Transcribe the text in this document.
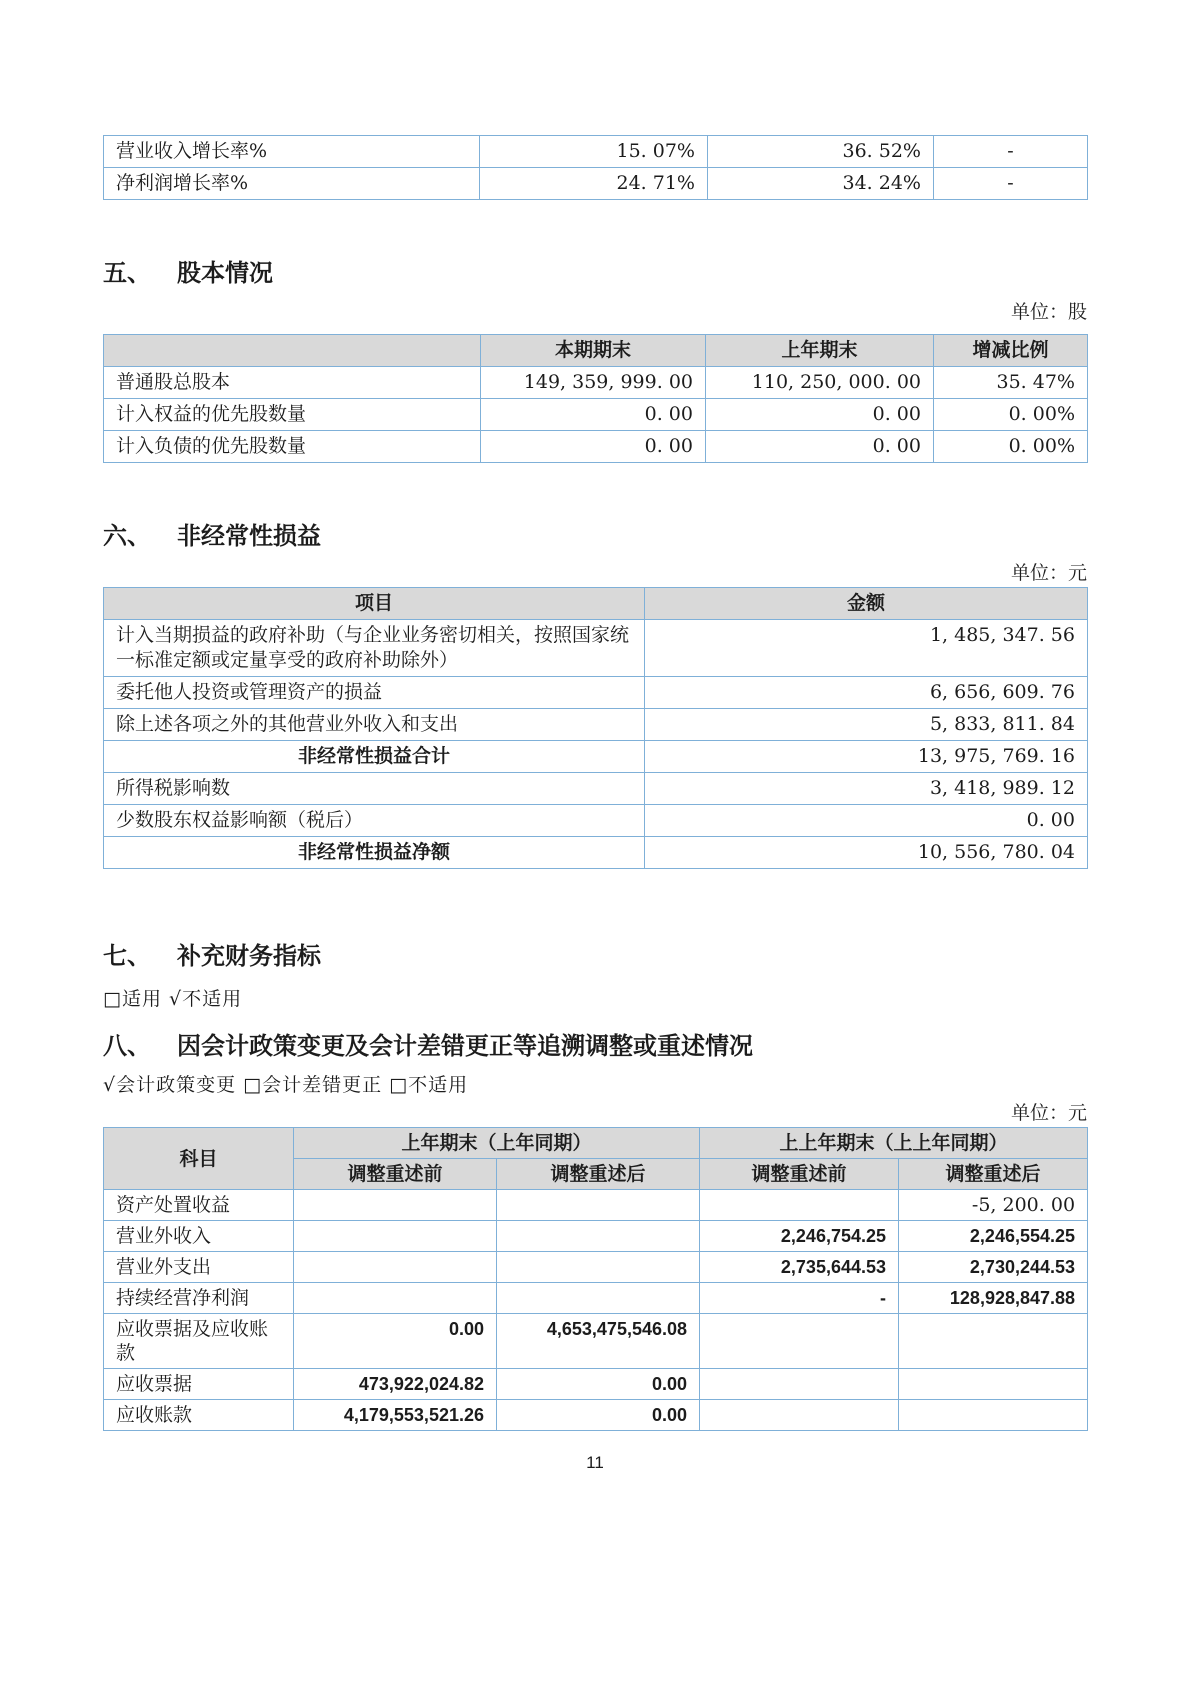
营业收入增长率%	15. 07%	36. 52%	-
净利润增长率%	24. 71%	34. 24%	-
五、	股本情况
单位：股
	本期期末	上年期末	增减比例
普通股总股本	149, 359, 999. 00	110, 250, 000. 00	35. 47%
计入权益的优先股数量	0. 00	0. 00	0. 00%
计入负债的优先股数量	0. 00	0. 00	0. 00%
六、	非经常性损益
单位：元
项目	金额
计入当期损益的政府补助（与企业业务密切相关，按照国家统一标准定额或定量享受的政府补助除外）	1, 485, 347. 56
委托他人投资或管理资产的损益	6, 656, 609. 76
除上述各项之外的其他营业外收入和支出	5, 833, 811. 84
非经常性损益合计	13, 975, 769. 16
所得税影响数	3, 418, 989. 12
少数股东权益影响额（税后）	0. 00
非经常性损益净额	10, 556, 780. 04
七、	补充财务指标
□适用 √不适用
八、	因会计政策变更及会计差错更正等追溯调整或重述情况
√会计政策变更 □会计差错更正 □不适用
单位：元
科目	上年期末（上年同期）		上上年期末（上上年同期）	
	调整重述前	调整重述后	调整重述前	调整重述后
资产处置收益				-5, 200. 00
营业外收入			2,246,754.25	2,246,554.25
营业外支出			2,735,644.53	2,730,244.53
持续经营净利润			-	128,928,847.88
应收票据及应收账款	0.00	4,653,475,546.08		
应收票据	473,922,024.82	0.00		
应收账款	4,179,553,521.26	0.00		
11
